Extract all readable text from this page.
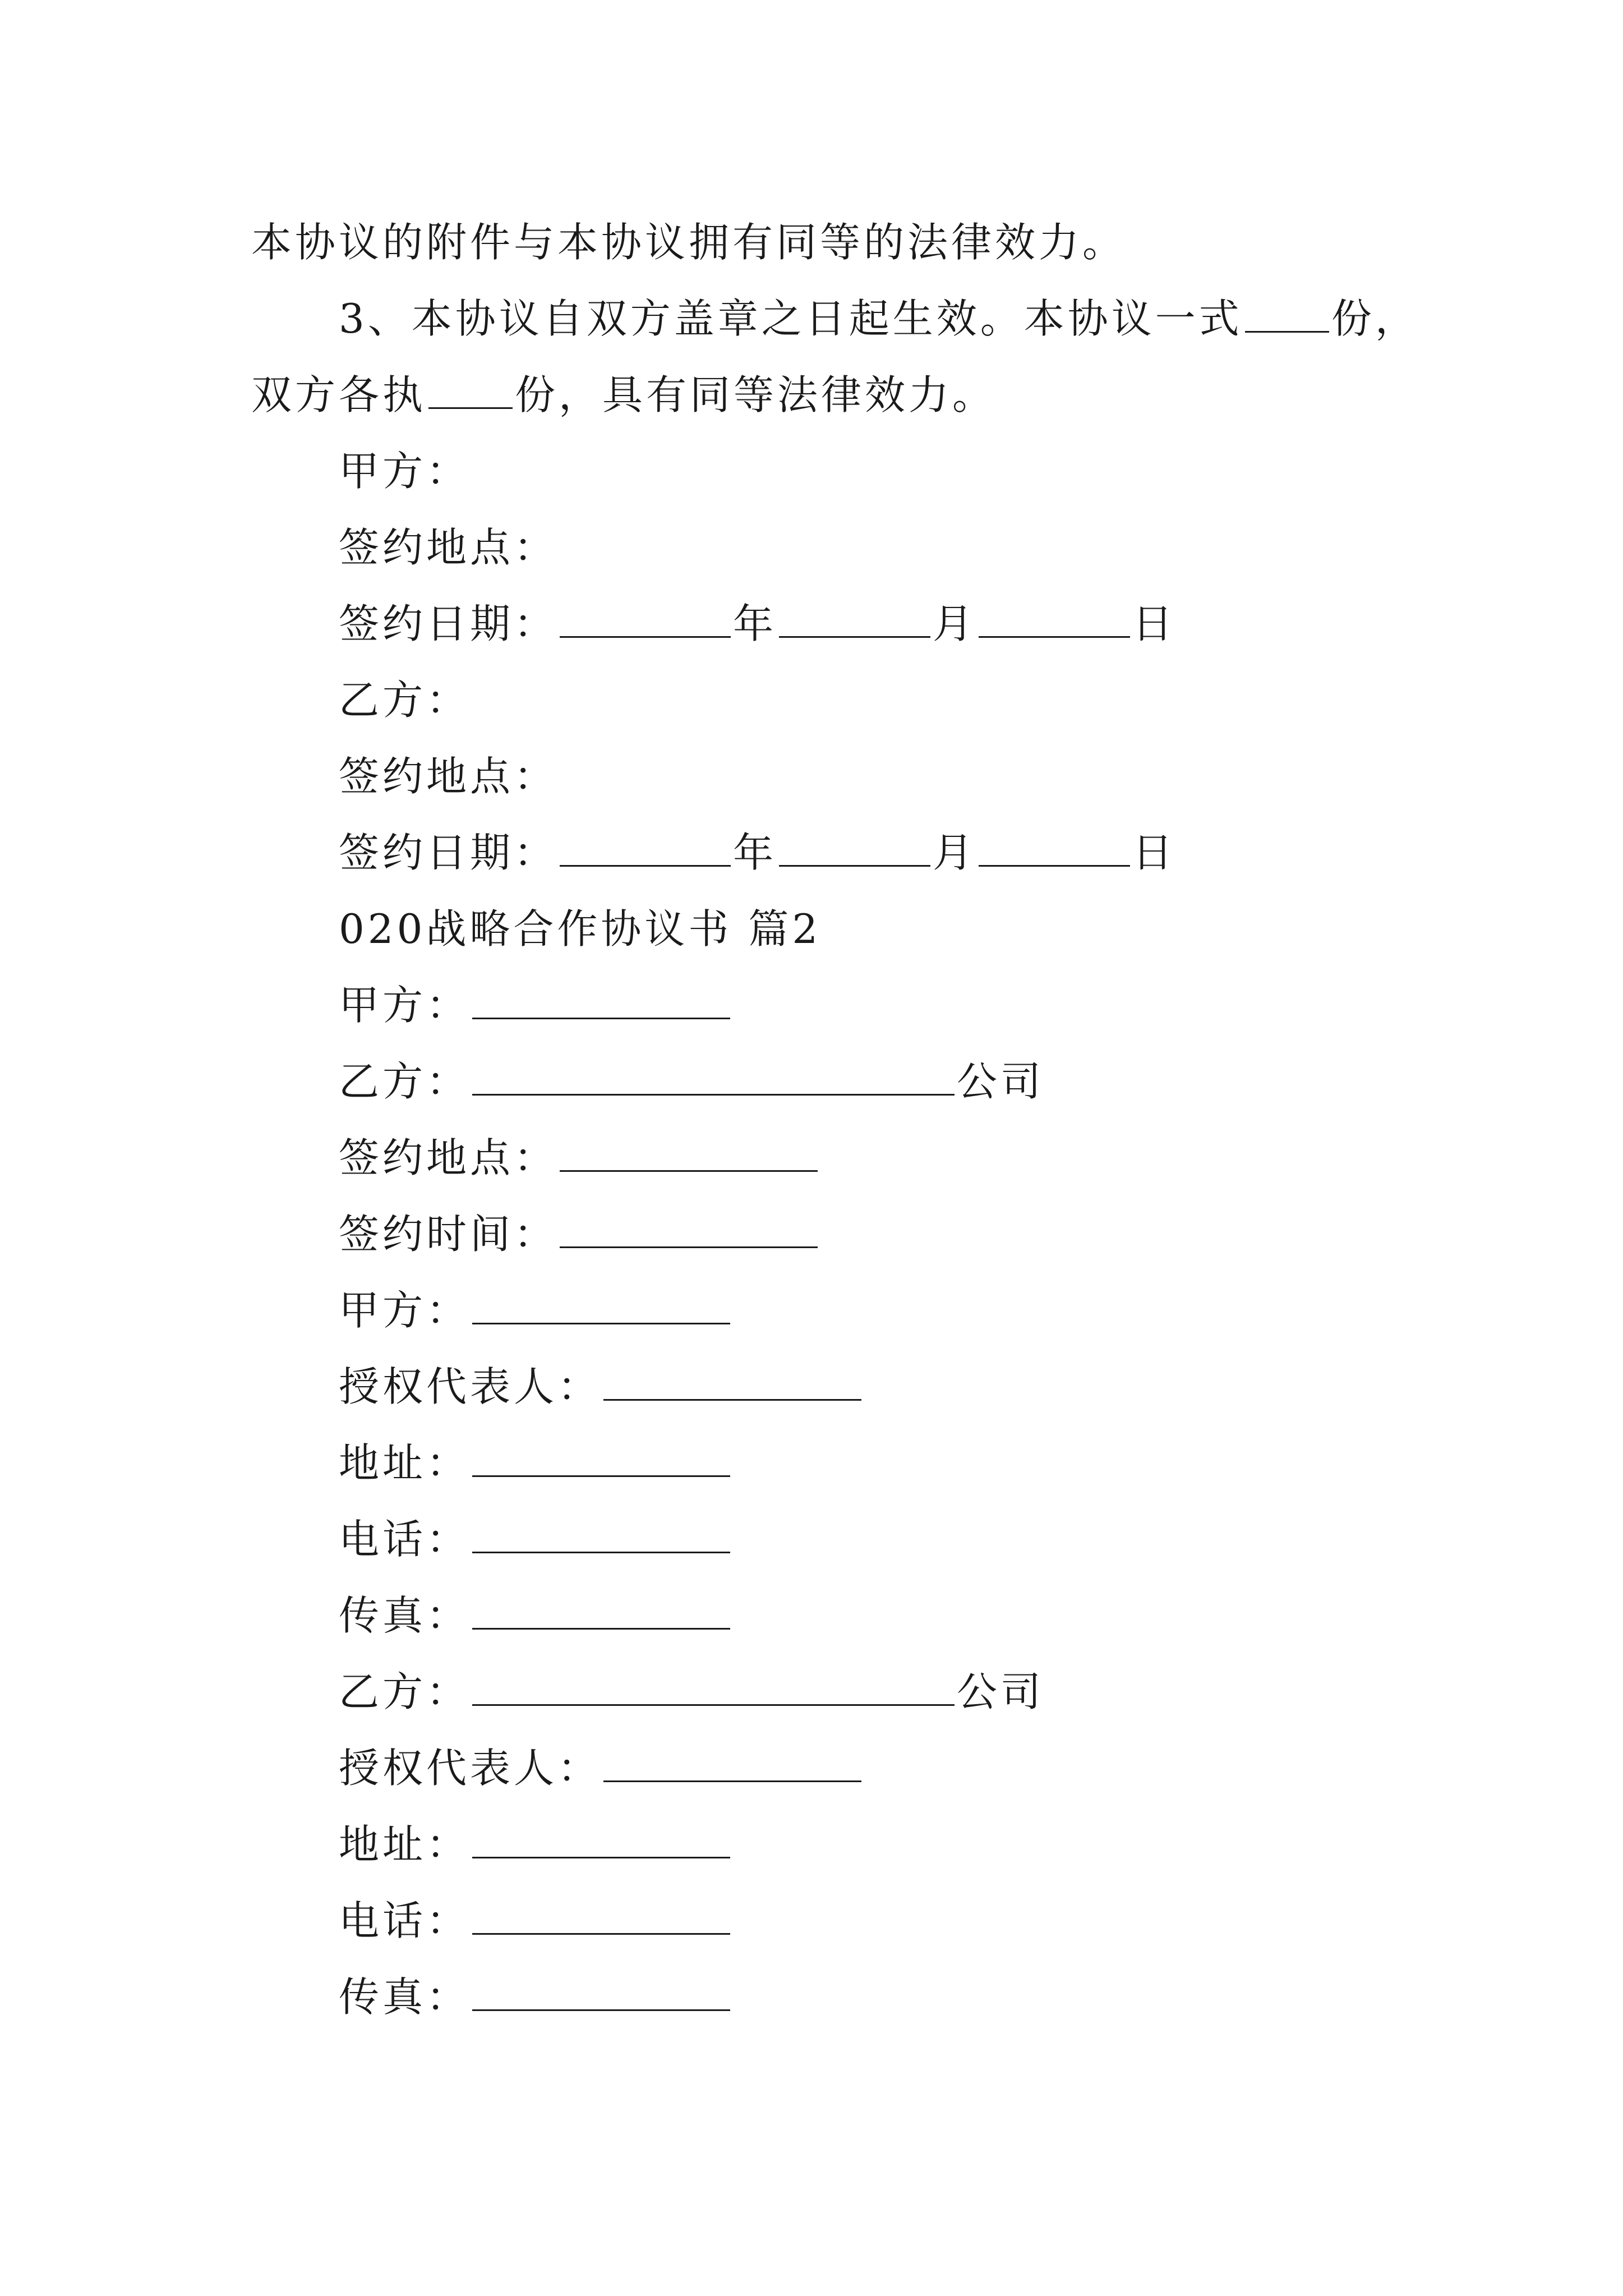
本协议的附件与本协议拥有同等的法律效力。
3、本协议自双方盖章之日起生效。本协议一式 份，
双方各执 份，具有同等法律效力。
甲方：
签约地点：
签约日期：	年	月	日
乙方：
签约地点：
签约日期：	年	月	日
020战略合作协议书 篇2
甲方：
乙方：	公司
签约地点：
签约时间：
甲方：
授权代表人：
地址：
电话：
传真：
乙方：	公司
授权代表人：
地址：
电话：
传真：
